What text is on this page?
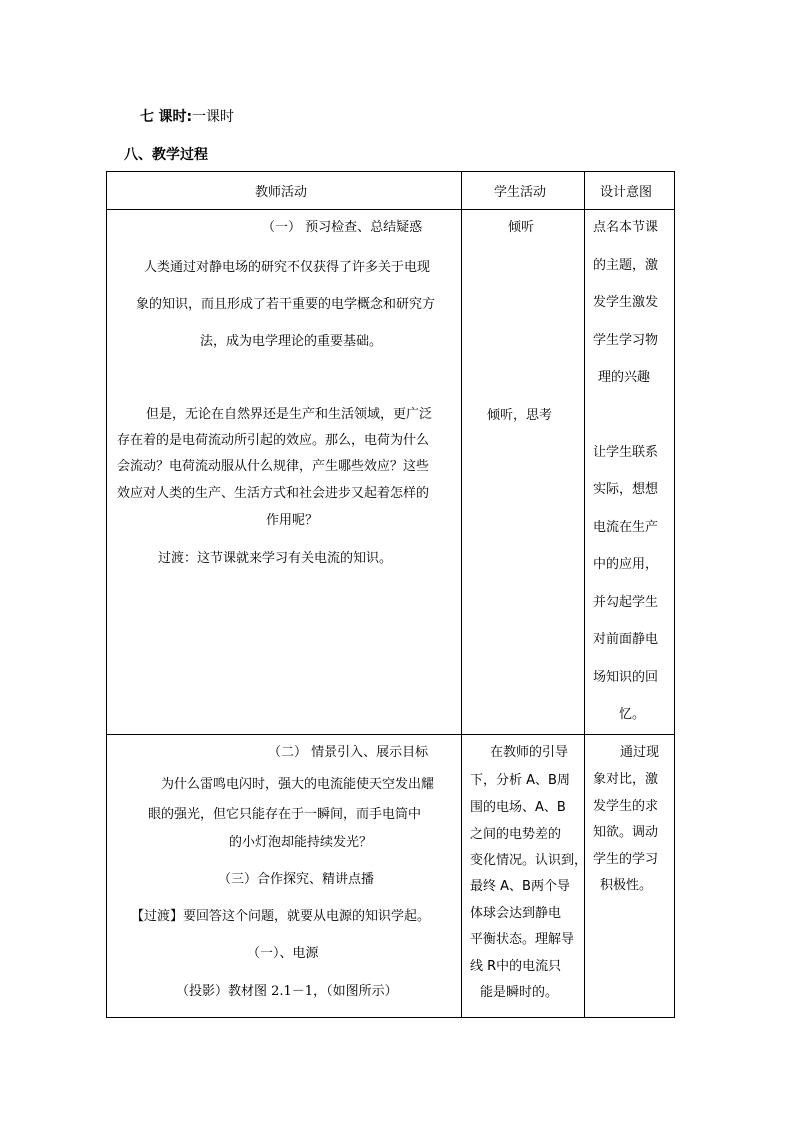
七 课时:一课时
八、教学过程
教师活动	学生活动	设计意图
（一） 预习检查、总结疑惑
人类通过对静电场的研究不仅获得了许多关于电现
象的知识，而且形成了若干重要的电学概念和研究方
法，成为电学理论的重要基础。
但是，无论在自然界还是生产和生活领域，更广泛
存在着的是电荷流动所引起的效应。那么，电荷为什么
会流动？电荷流动服从什么规律，产生哪些效应？这些
效应对人类的生产、生活方式和社会进步又起着怎样的
作用呢？
过渡：这节课就来学习有关电流的知识。
倾听
倾听，思考
点名本节课
的主题，激
发学生激发
学生学习物
理的兴趣
让学生联系
实际，想想
电流在生产
中的应用，
并勾起学生
对前面静电
场知识的回
忆。
（二） 情景引入、展示目标
为什么雷鸣电闪时，强大的电流能使天空发出耀
眼的强光，但它只能存在于一瞬间，而手电筒中
的小灯泡却能持续发光？
（三）合作探究、精讲点播
【过渡】要回答这个问题，就要从电源的知识学起。
（一）、电源
（投影）教材图 2.1－1，（如图所示）
在教师的引导
下，分析 A、B周
围的电场、A、B
之间的电势差的
变化情况。认识到，
最终 A、B两个导
体球会达到静电
平衡状态。理解导
线 R中的电流只
能是瞬时的。
通过现
象对比，激
发学生的求
知欲。调动
学生的学习
积极性。
